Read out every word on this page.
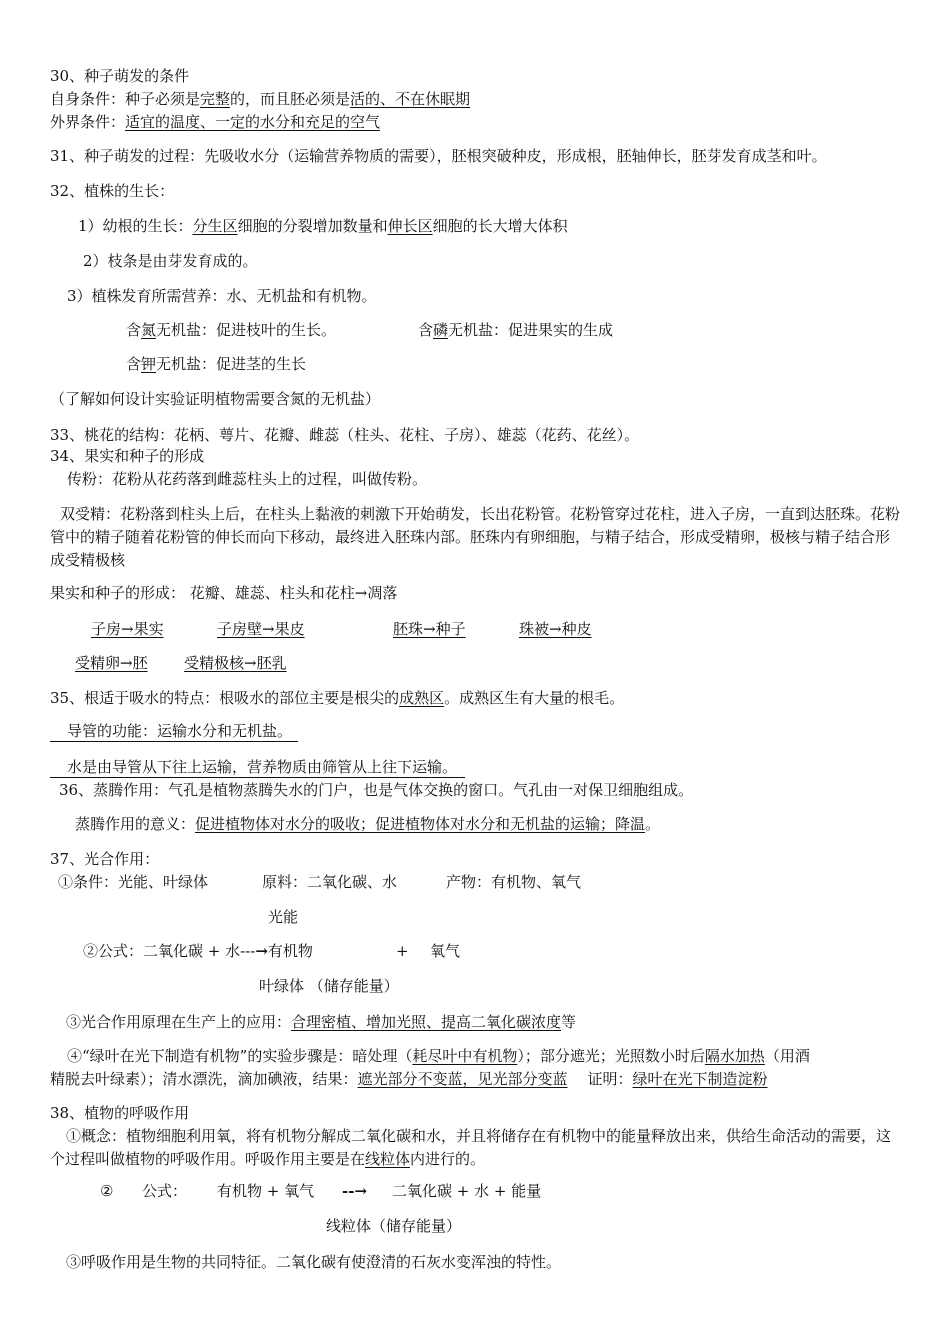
30、种子萌发的条件
自身条件：种子必须是完整的，而且胚必须是活的、不在休眠期
外界条件：适宜的温度、一定的水分和充足的空气
31、种子萌发的过程：先吸收水分（运输营养物质的需要），胚根突破种皮，形成根，胚轴伸长，胚芽发育成茎和叶。
32、植株的生长：
1）幼根的生长：分生区细胞的分裂增加数量和伸长区细胞的长大增大体积
2）枝条是由芽发育成的。
3）植株发育所需营养：水、无机盐和有机物。
含氮无机盐：促进枝叶的生长。	含磷无机盐：促进果实的生成
含钾无机盐：促进茎的生长
（了解如何设计实验证明植物需要含氮的无机盐）
33、桃花的结构：花柄、萼片、花瓣、雌蕊（柱头、花柱、子房）、雄蕊（花药、花丝）。
34、果实和种子的形成
传粉：花粉从花药落到雌蕊柱头上的过程，叫做传粉。
双受精：花粉落到柱头上后，在柱头上黏液的刺激下开始萌发，长出花粉管。花粉管穿过花柱，进入子房，一直到达胚珠。花粉管中的精子随着花粉管的伸长而向下移动，最终进入胚珠内部。胚珠内有卵细胞，与精子结合，形成受精卵，极核与精子结合形成受精极核
果实和种子的形成： 花瓣、雄蕊、柱头和花柱→凋落
子房→果实	子房壁→果皮	胚珠→种子	珠被→种皮
受精卵→胚 受精极核→胚乳
35、根适于吸水的特点：根吸水的部位主要是根尖的成熟区。成熟区生有大量的根毛。
导管的功能：运输水分和无机盐。
水是由导管从下往上运输，营养物质由筛管从上往下运输。
36、蒸腾作用：气孔是植物蒸腾失水的门户，也是气体交换的窗口。气孔由一对保卫细胞组成。
蒸腾作用的意义：促进植物体对水分的吸收；促进植物体对水分和无机盐的运输；降温。
37、光合作用：
①条件：光能、叶绿体	原料：二氧化碳、水	产物：有机物、氧气
光能
②公式：二氧化碳 + 水---→有机物	+ 氧气
叶绿体 （储存能量）
③光合作用原理在生产上的应用：合理密植、增加光照、提高二氧化碳浓度等
④“绿叶在光下制造有机物”的实验步骤是：暗处理（耗尽叶中有机物）；部分遮光；光照数小时后隔水加热（用酒
精脱去叶绿素）；清水漂洗，滴加碘液，结果：遮光部分不变蓝，见光部分变蓝 证明：绿叶在光下制造淀粉
38、植物的呼吸作用
①概念：植物细胞利用氧，将有机物分解成二氧化碳和水，并且将储存在有机物中的能量释放出来，供给生命活动的需要，这个过程叫做植物的呼吸作用。呼吸作用主要是在线粒体内进行的。
② 公式： 有机物 + 氧气 --→ 二氧化碳 + 水 + 能量
线粒体（储存能量）
③呼吸作用是生物的共同特征。二氧化碳有使澄清的石灰水变浑浊的特性。
